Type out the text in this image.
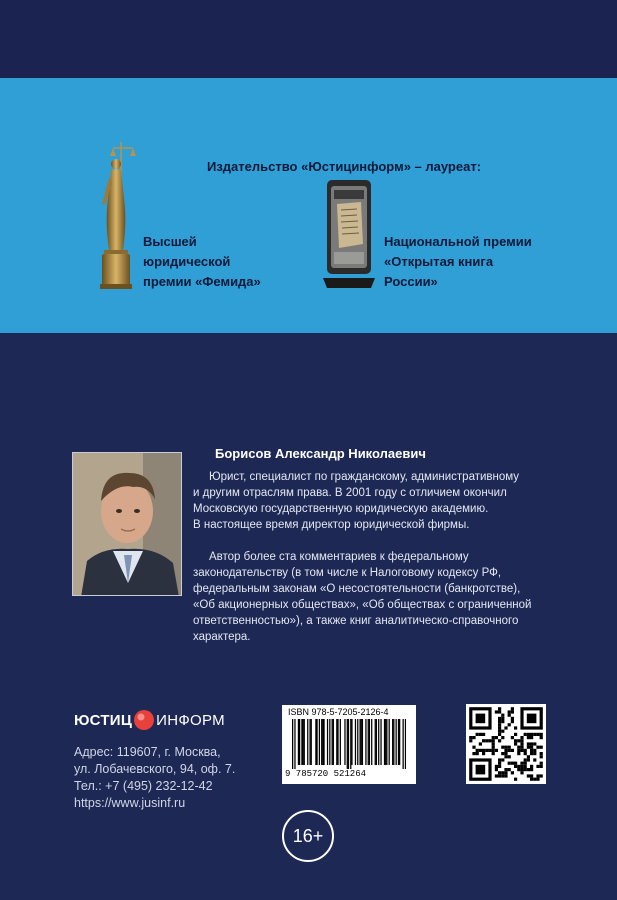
Издательство «Юстицинформ» – лауреат:
Высшей
юридической
премии «Фемида»
Национальной премии
«Открытая книга
России»
Борисов Александр Николаевич
Юрист, специалист по гражданскому, административному
и другим отраслям права. В 2001 году с отличием окончил
Московскую государственную юридическую академию.
В настоящее время директор юридической фирмы.
Автор более ста комментариев к федеральному
законодательству (в том числе к Налоговому кодексу РФ,
федеральным законам «О несостоятельности (банкротстве),
«Об акционерных обществах», «Об обществах с ограниченной
ответственностью»), а также книг аналитическо-справочного
характера.
ЮСТИЦ ИНФОРМ
Адрес: 119607, г. Москва,
ул. Лобачевского, 94, оф. 7.
Тел.: +7 (495) 232-12-42
https://www.jusinf.ru
ISBN 978-5-7205-2126-4
9 785720 521264
16+
